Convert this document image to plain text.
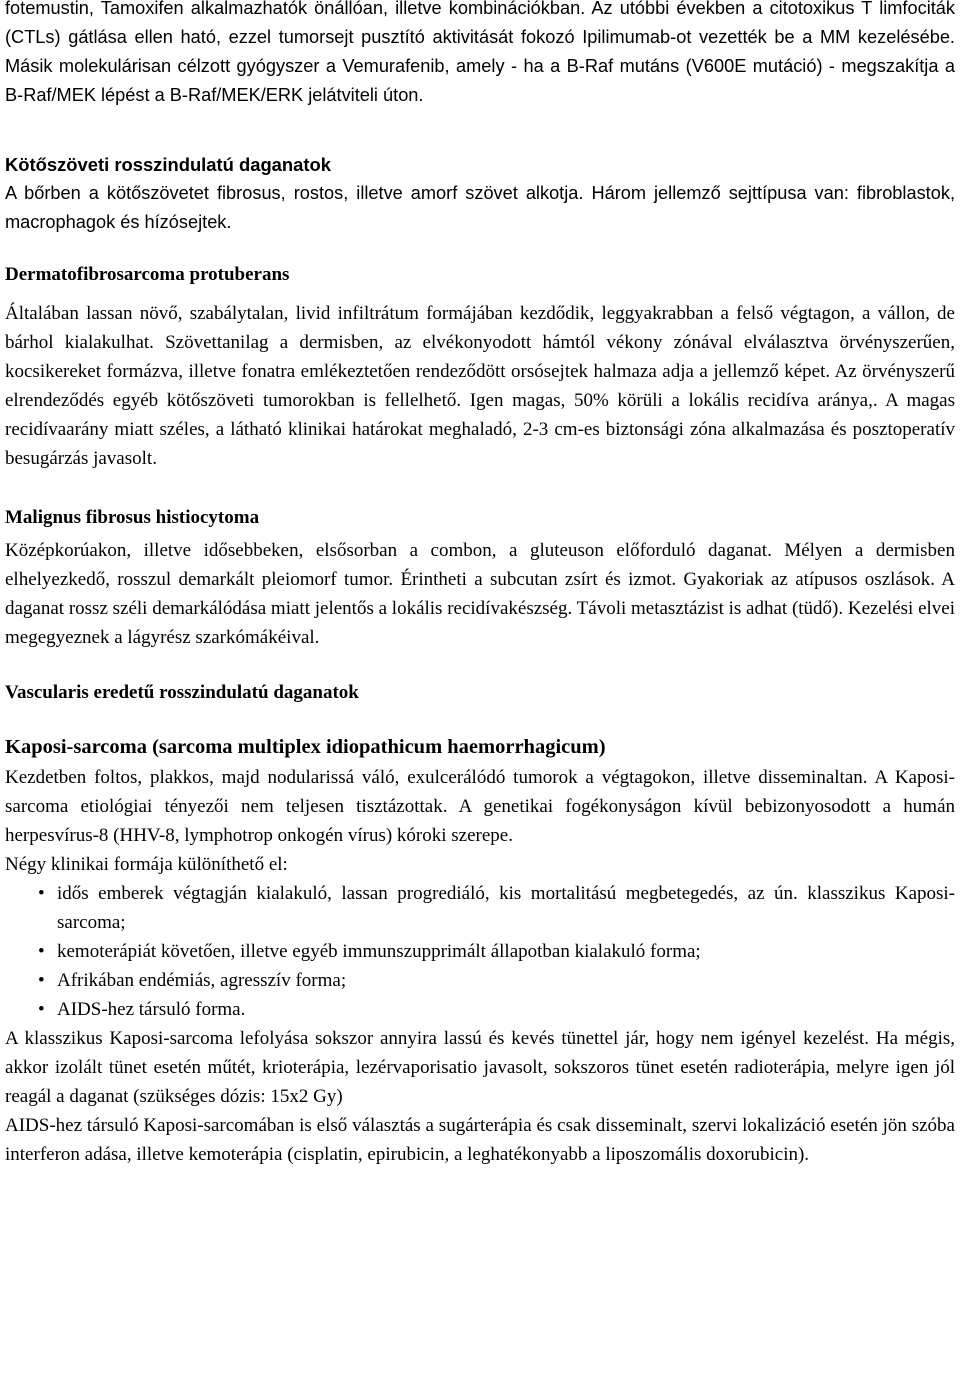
fotemustin, Tamoxifen alkalmazhatók önállóan, illetve kombinációkban. Az utóbbi években a citotoxikus T limfociták (CTLs) gátlása ellen ható, ezzel tumorsejt pusztító aktivitását fokozó Ipilimumab-ot vezették be a MM kezelésébe. Másik molekulárisan célzott gyógyszer a Vemurafenib, amely - ha a B-Raf mutáns (V600E mutáció) - megszakítja a B-Raf/MEK lépést a B-Raf/MEK/ERK jelátviteli úton.

Kötőszöveti rosszindulatú daganatok

A bőrben a kötőszövetet fibrosus, rostos, illetve amorf szövet alkotja. Három jellemző sejttípusa van: fibroblastok, macrophagok és hízósejtek.

Dermatofibrosarcoma protuberans

Általában lassan növő, szabálytalan, livid infiltrátum formájában kezdődik, leggyakrabban a felső végtagon, a vállon, de bárhol kialakulhat. Szövettanilag a dermisben, az elvékonyodott hámtól vékony zónával elválasztva örvényszerűen, kocsikereket formázva, illetve fonatra emlékeztetően rendeződött orsósejtek halmaza adja a jellemző képet. Az örvényszerű elrendeződés egyéb kötőszöveti tumorokban is fellelhető. Igen magas, 50% körüli a lokális recidíva aránya,. A magas recidívaarány miatt széles, a látható klinikai határokat meghaladó, 2-3 cm-es biztonsági zóna alkalmazása és posztoperatív besugárzás javasolt.

Malignus fibrosus histiocytoma

Középkorúakon, illetve idősebbeken, elsősorban a combon, a gluteuson előforduló daganat. Mélyen a dermisben elhelyezkedő, rosszul demarkált pleiomorf tumor. Érintheti a subcutan zsírt és izmot. Gyakoriak az atípusos oszlások. A daganat rossz széli demarkálódása miatt jelentős a lokális recidívakészség. Távoli metasztázist is adhat (tüdő). Kezelési elvei megegyeznek a lágyrész szarkómákéival.

Vascularis eredetű rosszindulatú daganatok
Kaposi-sarcoma (sarcoma multiplex idiopathicum haemorrhagicum)

Kezdetben foltos, plakkos, majd nodularissá váló, exulcerálódó tumorok a végtagokon, illetve disseminaltan. A Kaposi-sarcoma etiológiai tényezői nem teljesen tisztázottak. A genetikai fogékonyságon kívül bebizonyosodott a humán herpesvírus-8 (HHV-8, lymphotrop onkogén vírus) kóroki szerepe.

Négy klinikai formája különíthető el:

• idős emberek végtagján kialakuló, lassan progrediáló, kis mortalitású megbetegedés, az ún. klasszikus Kaposi-sarcoma;
• kemoterápiát követően, illetve egyéb immunszupprimált állapotban kialakuló forma;
• Afrikában endémiás, agresszív forma;
• AIDS-hez társuló forma.

A klasszikus Kaposi-sarcoma lefolyása sokszor annyira lassú és kevés tünettel jár, hogy nem igényel kezelést. Ha mégis, akkor izolált tünet esetén műtét, krioterápia, lezérvaporisatio javasolt, sokszoros tünet esetén radioterápia, melyre igen jól reagál a daganat (szükséges dózis: 15x2 Gy)

AIDS-hez társuló Kaposi-sarcomában is első választás a sugárterápia és csak disseminalt, szervi lokalizáció esetén jön szóba interferon adása, illetve kemoterápia (cisplatin, epirubicin, a leghatékonyabb a liposzomális doxorubicin).
